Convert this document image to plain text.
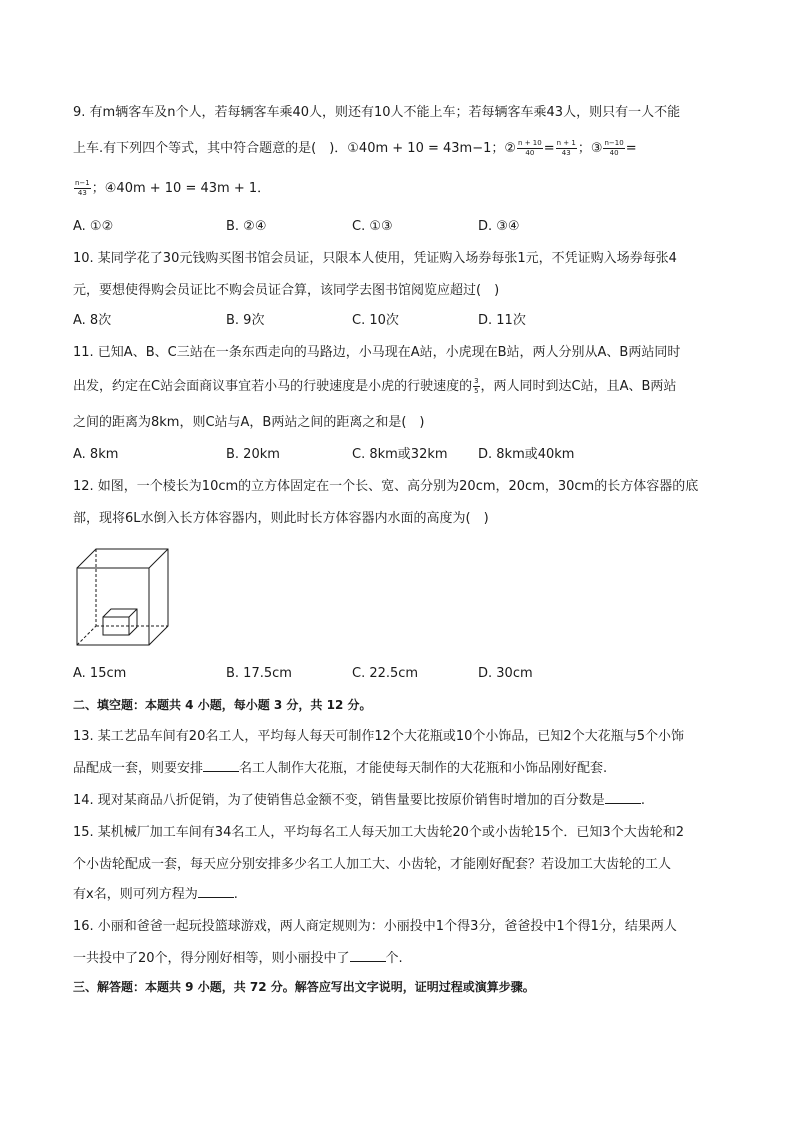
9. 有m辆客车及n个人，若每辆客车乘40人，则还有10人不能上车；若每辆客车乘43人，则只有一人不能
上车.有下列四个等式，其中符合题意的是(　)．①40m + 10 = 43m−1；② $\frac{n + 10}{40} = \frac{n + 1}{43}$ ；③ $\frac{n-10}{40}$ =
$\frac{n-1}{43}$ ；④40m + 10 = 43m + 1．
A. ①②	B. ②④	C. ①③	D. ③④
10. 某同学花了30元钱购买图书馆会员证，只限本人使用，凭证购入场券每张1元，不凭证购入场券每张4
元，要想使得购会员证比不购会员证合算，该同学去图书馆阅览应超过(　)
A. 8次	B. 9次	C. 10次	D. 11次
11. 已知A、B、C三站在一条东西走向的马路边，小马现在A站，小虎现在B站，两人分别从A、B两站同时
出发，约定在C站会面商议事宜若小马的行驶速度是小虎的行驶速度的 $\frac{3}{5}$ ，两人同时到达C站，且A、B两站
之间的距离为8km，则C站与A，B两站之间的距离之和是(　)
A. 8km	B. 20km	C. 8km或32km D. 8km或40km
12. 如图，一个棱长为10cm的立方体固定在一个长、宽、高分别为20cm，20cm，30cm的长方体容器的底
部，现将6L水倒入长方体容器内，则此时长方体容器内水面的高度为(　)
A. 15cm	B. 17.5cm	C. 22.5cm	D. 30cm
二、填空题：本题共 4 小题，每小题 3 分，共 12 分。
13. 某工艺品车间有20名工人，平均每人每天可制作12个大花瓶或10个小饰品，已知2个大花瓶与5个小饰
品配成一套，则要安排	名工人制作大花瓶，才能使每天制作的大花瓶和小饰品刚好配套.
14. 现对某商品八折促销，为了使销售总金额不变，销售量要比按原价销售时增加的百分数是	.
15. 某机械厂加工车间有34名工人，平均每名工人每天加工大齿轮20个或小齿轮15个．已知3个大齿轮和2
个小齿轮配成一套，每天应分别安排多少名工人加工大、小齿轮，才能刚好配套？若设加工大齿轮的工人
有x名，则可列方程为	.
16. 小丽和爸爸一起玩投篮球游戏，两人商定规则为：小丽投中1个得3分，爸爸投中1个得1分，结果两人
一共投中了20个，得分刚好相等，则小丽投中了	个.
三、解答题：本题共 9 小题，共 72 分。解答应写出文字说明，证明过程或演算步骤。
